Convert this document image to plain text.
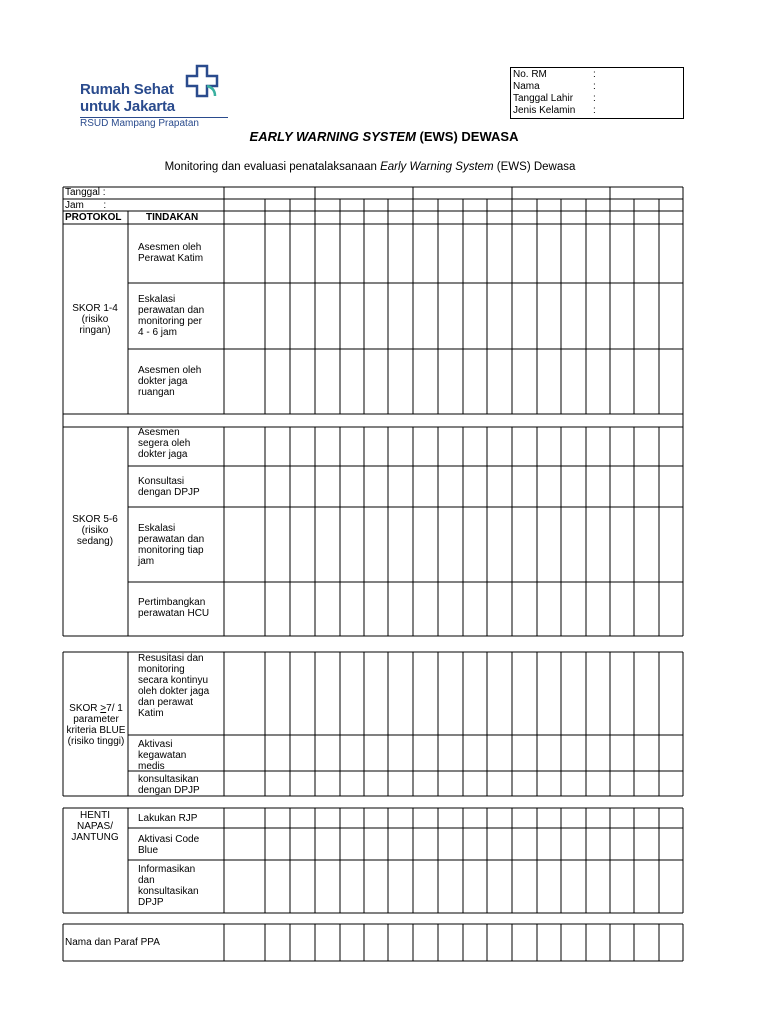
Rumah Sehat
untuk Jakarta
RSUD Mampang Prapatan
No. RM	:
Nama	:
Tanggal Lahir :
Jenis Kelamin :
EARLY WARNING SYSTEM (EWS) DEWASA
Monitoring dan evaluasi penatalaksanaan Early Warning System (EWS) Dewasa
Tanggal :
Jam       :
PROTOKOL TINDAKAN
SKOR 1-4
(risiko
ringan)
Asesmen oleh
Perawat Katim
Eskalasi
perawatan dan
monitoring per
4 - 6 jam
Asesmen oleh
dokter jaga
ruangan
SKOR 5-6
(risiko
sedang)
Asesmen
segera oleh
dokter jaga
Konsultasi
dengan DPJP
Eskalasi
perawatan dan
monitoring tiap
jam
Pertimbangkan
perawatan HCU
SKOR >7/ 1
parameter
kriteria BLUE
(risiko tinggi)
Resusitasi dan
monitoring
secara kontinyu
oleh dokter jaga
dan perawat
Katim
Aktivasi
kegawatan
medis
konsultasikan
dengan DPJP
HENTI
NAPAS/
JANTUNG
Lakukan RJP
Aktivasi Code
Blue
Informasikan
dan
konsultasikan
DPJP
Nama dan Paraf PPA
